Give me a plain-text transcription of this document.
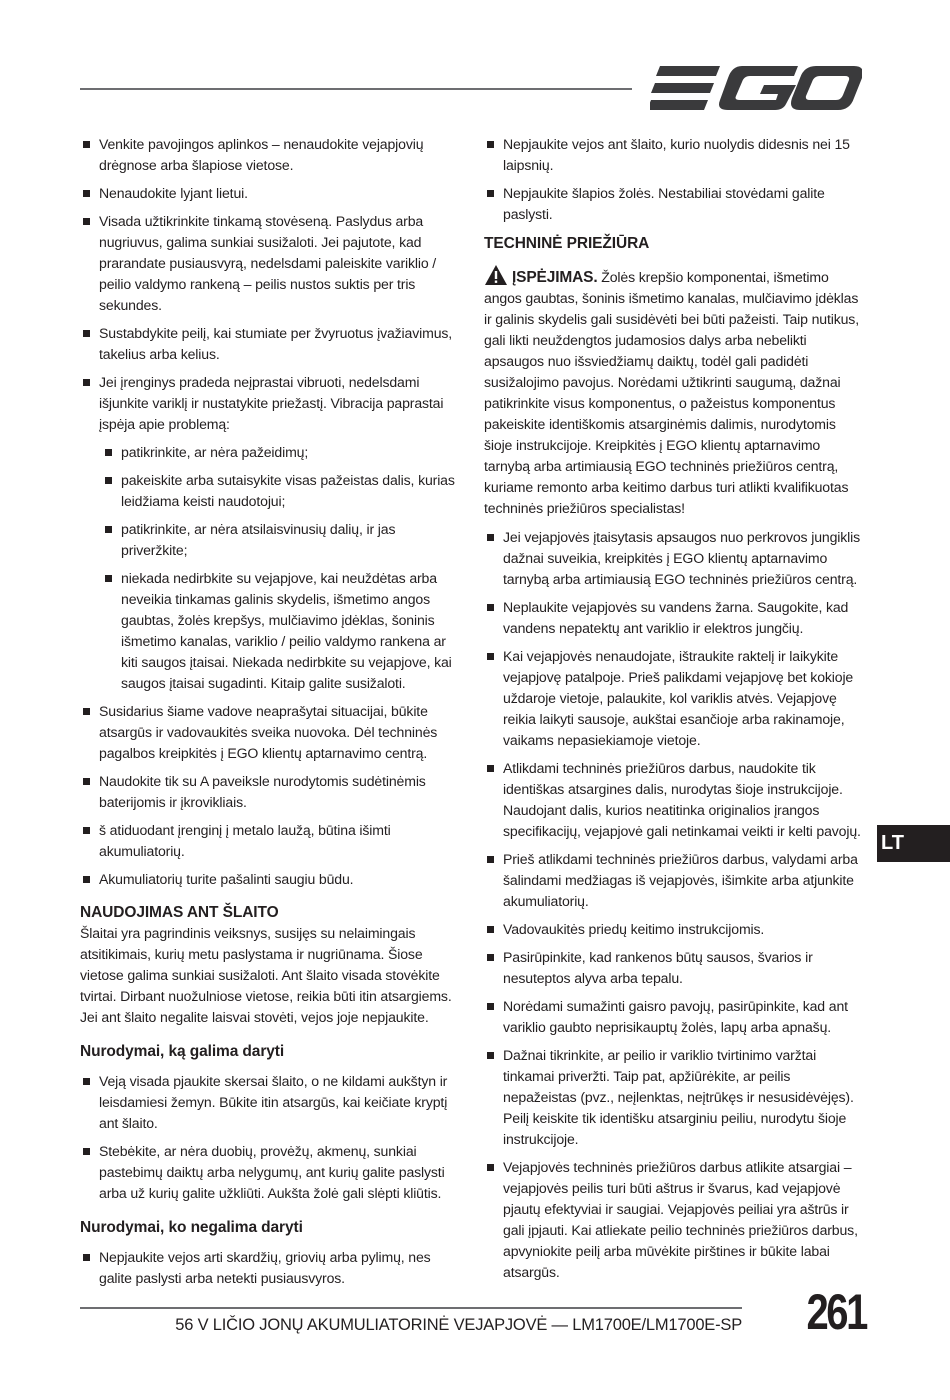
Venkite pavojingos aplinkos – nenaudokite vejapjovių drėgnose arba šlapiose vietose.
Nenaudokite lyjant lietui.
Visada užtikrinkite tinkamą stovėseną. Paslydus arba nugriuvus, galima sunkiai susižaloti. Jei pajutote, kad prarandate pusiausvyrą, nedelsdami paleiskite variklio / peilio valdymo rankeną – peilis nustos suktis per tris sekundes.
Sustabdykite peilį, kai stumiate per žvyruotus įvažiavimus, takelius arba kelius.
Jei įrenginys pradeda neįprastai vibruoti, nedelsdami išjunkite variklį ir nustatykite priežastį. Vibracija paprastai įspėja apie problemą:
patikrinkite, ar nėra pažeidimų;
pakeiskite arba sutaisykite visas pažeistas dalis, kurias leidžiama keisti naudotojui;
patikrinkite, ar nėra atsilaisvinusių dalių, ir jas priveržkite;
niekada nedirbkite su vejapjove, kai neuždėtas arba neveikia tinkamas galinis skydelis, išmetimo angos gaubtas, žolės krepšys, mulčiavimo įdėklas, šoninis išmetimo kanalas, variklio / peilio valdymo rankena ar kiti saugos įtaisai. Niekada nedirbkite su vejapjove, kai saugos įtaisai sugadinti. Kitaip galite susižaloti.
Susidarius šiame vadove neaprašytai situacijai, būkite atsargūs ir vadovaukitės sveika nuovoka. Dėl techninės pagalbos kreipkitės į EGO klientų aptarnavimo centrą.
Naudokite tik su A paveiksle nurodytomis sudėtinėmis baterijomis ir įkrovikliais.
š atiduodant įrenginį į metalo laužą, būtina išimti akumuliatorių.
Akumuliatorių turite pašalinti saugiu būdu.
NAUDOJIMAS ANT ŠLAITO

Šlaitai yra pagrindinis veiksnys, susijęs su nelaimingais atsitikimais, kurių metu paslystama ir nugriūnama. Šiose vietose galima sunkiai susižaloti. Ant šlaito visada stovėkite tvirtai. Dirbant nuožulniose vietose, reikia būti itin atsargiems. Jei ant šlaito negalite laisvai stovėti, vejos joje nepjaukite.

Nurodymai, ką galima daryti
Veją visada pjaukite skersai šlaito, o ne kildami aukštyn ir leisdamiesi žemyn. Būkite itin atsargūs, kai keičiate kryptį ant šlaito.
Stebėkite, ar nėra duobių, provėžų, akmenų, sunkiai pastebimų daiktų arba nelygumų, ant kurių galite paslysti arba už kurių galite užkliūti. Aukšta žolė gali slėpti kliūtis.
Nurodymai, ko negalima daryti
Nepjaukite vejos arti skardžių, griovių arba pylimų, nes galite paslysti arba netekti pusiausvyros.
Nepjaukite vejos ant šlaito, kurio nuolydis didesnis nei 15 laipsnių.
Nepjaukite šlapios žolės. Nestabiliai stovėdami galite paslysti.
TECHNINĖ PRIEŽIŪRA

ĮSPĖJIMAS. Žolės krepšio komponentai, išmetimo angos gaubtas, šoninis išmetimo kanalas, mulčiavimo įdėklas ir galinis skydelis gali susidėvėti bei būti pažeisti. Taip nutikus, gali likti neuždengtos judamosios dalys arba nebelikti apsaugos nuo išsviedžiamų daiktų, todėl gali padidėti susižalojimo pavojus. Norėdami užtikrinti saugumą, dažnai patikrinkite visus komponentus, o pažeistus komponentus pakeiskite identiškomis atsarginėmis dalimis, nurodytomis šioje instrukcijoje. Kreipkitės į EGO klientų aptarnavimo tarnybą arba artimiausią EGO techninės priežiūros centrą, kuriame remonto arba keitimo darbus turi atlikti kvalifikuotas techninės priežiūros specialistas!

Jei vejapjovės įtaisytasis apsaugos nuo perkrovos jungiklis dažnai suveikia, kreipkitės į EGO klientų aptarnavimo tarnybą arba artimiausią EGO techninės priežiūros centrą.
Neplaukite vejapjovės su vandens žarna. Saugokite, kad vandens nepatektų ant variklio ir elektros jungčių.
Kai vejapjovės nenaudojate, ištraukite raktelį ir laikykite vejapjovę patalpoje. Prieš palikdami vejapjovę bet kokioje uždaroje vietoje, palaukite, kol variklis atvės. Vejapjovę reikia laikyti sausoje, aukštai esančioje arba rakinamoje, vaikams nepasiekiamoje vietoje.
Atlikdami techninės priežiūros darbus, naudokite tik identiškas atsargines dalis, nurodytas šioje instrukcijoje. Naudojant dalis, kurios neatitinka originalios įrangos specifikacijų, vejapjovė gali netinkamai veikti ir kelti pavojų.
Prieš atlikdami techninės priežiūros darbus, valydami arba šalindami medžiagas iš vejapjovės, išimkite arba atjunkite akumuliatorių.
Vadovaukitės priedų keitimo instrukcijomis.
Pasirūpinkite, kad rankenos būtų sausos, švarios ir nesuteptos alyva arba tepalu.
Norėdami sumažinti gaisro pavojų, pasirūpinkite, kad ant variklio gaubto neprisikauptų žolės, lapų arba apnašų.
Dažnai tikrinkite, ar peilio ir variklio tvirtinimo varžtai tinkamai priveržti. Taip pat, apžiūrėkite, ar peilis nepažeistas (pvz., neįlenktas, neįtrūkęs ir nesusidėvėjęs). Peilį keiskite tik identišku atsarginiu peiliu, nurodytu šioje instrukcijoje.
Vejapjovės techninės priežiūros darbus atlikite atsargiai – vejapjovės peilis turi būti aštrus ir švarus, kad vejapjovė pjautų efektyviai ir saugiai. Vejapjovės peiliai yra aštrūs ir gali įpjauti. Kai atliekate peilio techninės priežiūros darbus, apvyniokite peilį arba mūvėkite pirštines ir būkite labai atsargūs.
LT
56 V LIČIO JONŲ AKUMULIATORINĖ VEJAPJOVĖ — LM1700E/LM1700E-SP 261
